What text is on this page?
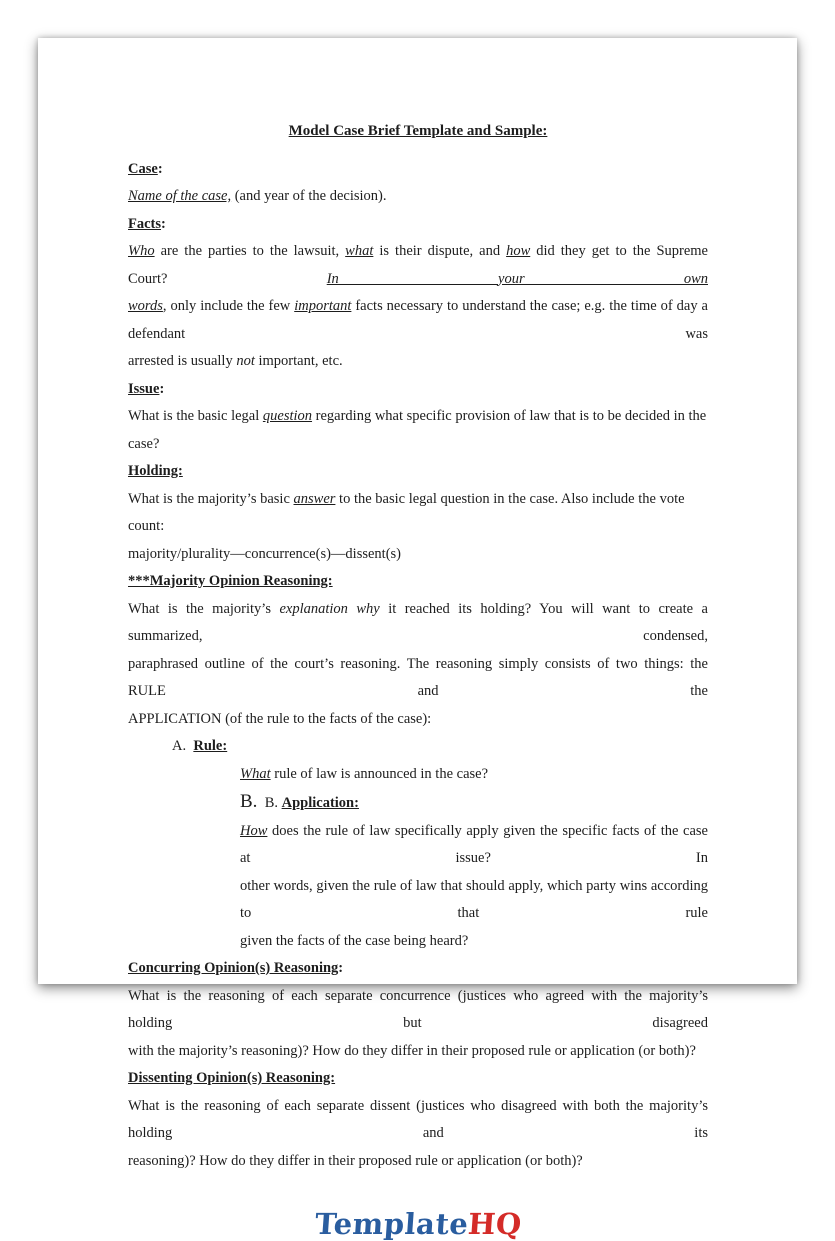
Model Case Brief Template and Sample:
Case:
Name of the case, (and year of the decision).
Facts:
Who are the parties to the lawsuit, what is their dispute, and how did they get to the Supreme Court? In your own
words, only include the few important facts necessary to understand the case; e.g. the time of day a defendant was
arrested is usually not important, etc.
Issue:
What is the basic legal question regarding what specific provision of law that is to be decided in the case?
Holding:
What is the majority’s basic answer to the basic legal question in the case. Also include the vote count:
majority/plurality—concurrence(s)—dissent(s)
***Majority Opinion Reasoning:
What is the majority’s explanation why it reached its holding? You will want to create a summarized, condensed,
paraphrased outline of the court’s reasoning. The reasoning simply consists of two things: the RULE and the
APPLICATION (of the rule to the facts of the case):
A.  Rule:
What rule of law is announced in the case?
B. B. Application:
How does the rule of law specifically apply given the specific facts of the case at issue? In
other words, given the rule of law that should apply, which party wins according to that rule
given the facts of the case being heard?
Concurring Opinion(s) Reasoning:
What is the reasoning of each separate concurrence (justices who agreed with the majority’s holding but disagreed
with the majority’s reasoning)? How do they differ in their proposed rule or application (or both)?
Dissenting Opinion(s) Reasoning:
What is the reasoning of each separate dissent (justices who disagreed with both the majority’s holding and its
reasoning)? How do they differ in their proposed rule or application (or both)?
TemplateHQ
